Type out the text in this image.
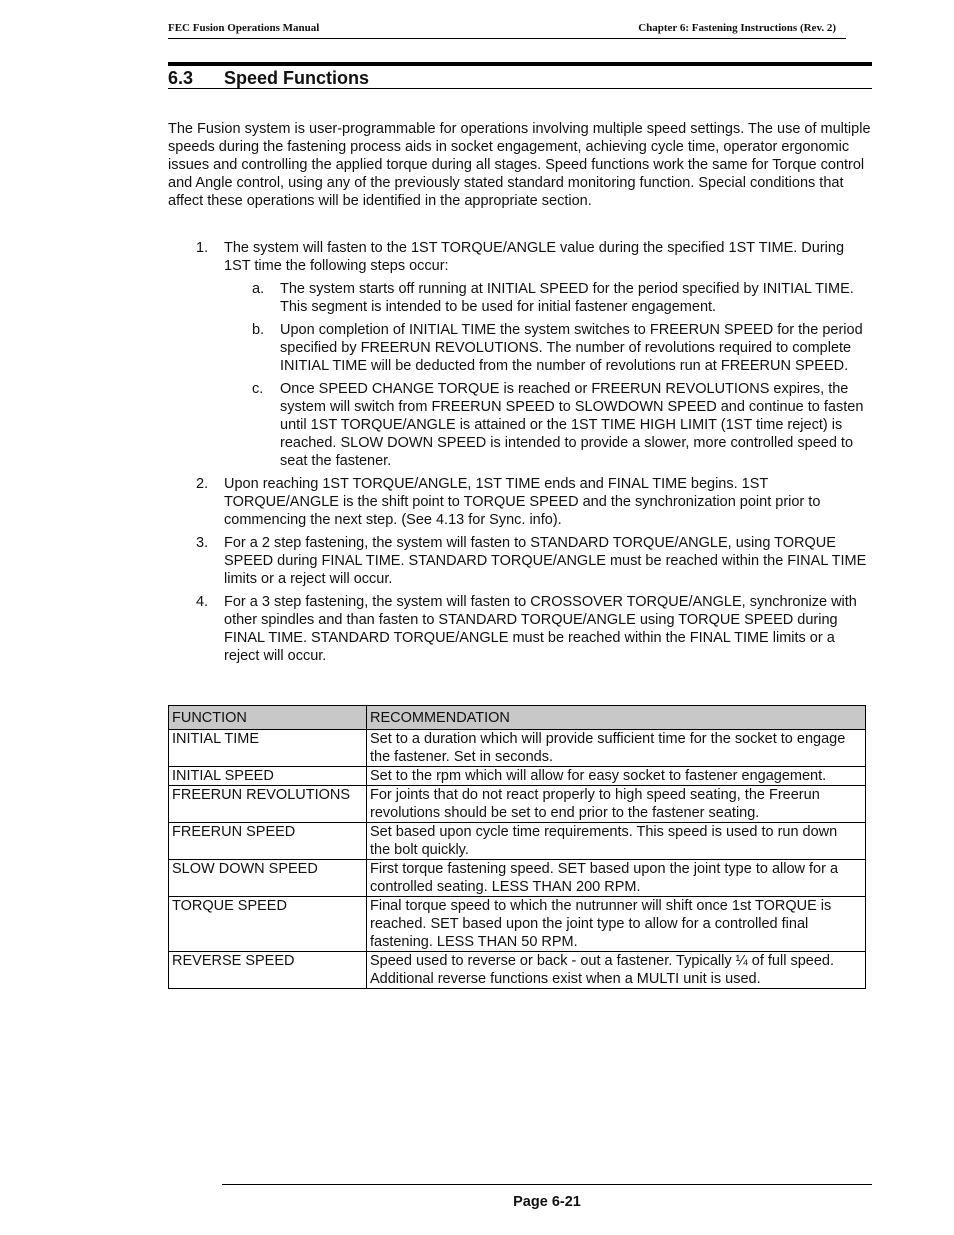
FEC Fusion Operations Manual	Chapter 6: Fastening Instructions (Rev. 2)
6.3 Speed Functions

The Fusion system is user-programmable for operations involving multiple speed settings. The use of multiple speeds during the fastening process aids in socket engagement, achieving cycle time, operator ergonomic issues and controlling the applied torque during all stages. Speed functions work the same for Torque control and Angle control, using any of the previously stated standard monitoring function. Special conditions that affect these operations will be identified in the appropriate section.

1. The system will fasten to the 1ST TORQUE/ANGLE value during the specified 1ST TIME. During 1ST time the following steps occur:
a. The system starts off running at INITIAL SPEED for the period specified by INITIAL TIME. This segment is intended to be used for initial fastener engagement.
b. Upon completion of INITIAL TIME the system switches to FREERUN SPEED for the period specified by FREERUN REVOLUTIONS. The number of revolutions required to complete INITIAL TIME will be deducted from the number of revolutions run at FREERUN SPEED.
c. Once SPEED CHANGE TORQUE is reached or FREERUN REVOLUTIONS expires, the system will switch from FREERUN SPEED to SLOWDOWN SPEED and continue to fasten until 1ST TORQUE/ANGLE is attained or the 1ST TIME HIGH LIMIT (1ST time reject) is reached. SLOW DOWN SPEED is intended to provide a slower, more controlled speed to seat the fastener.
2. Upon reaching 1ST TORQUE/ANGLE, 1ST TIME ends and FINAL TIME begins. 1ST TORQUE/ANGLE is the shift point to TORQUE SPEED and the synchronization point prior to commencing the next step. (See 4.13 for Sync. info).
3. For a 2 step fastening, the system will fasten to STANDARD TORQUE/ANGLE, using TORQUE SPEED during FINAL TIME. STANDARD TORQUE/ANGLE must be reached within the FINAL TIME limits or a reject will occur.
4. For a 3 step fastening, the system will fasten to CROSSOVER TORQUE/ANGLE, synchronize with other spindles and than fasten to STANDARD TORQUE/ANGLE using TORQUE SPEED during FINAL TIME. STANDARD TORQUE/ANGLE must be reached within the FINAL TIME limits or a reject will occur.
FUNCTION	RECOMMENDATION
INITIAL TIME	Set to a duration which will provide sufficient time for the socket to engage the fastener. Set in seconds.
INITIAL SPEED	Set to the rpm which will allow for easy socket to fastener engagement.
FREERUN REVOLUTIONS	For joints that do not react properly to high speed seating, the Freerun revolutions should be set to end prior to the fastener seating.
FREERUN SPEED	Set based upon cycle time requirements. This speed is used to run down the bolt quickly.
SLOW DOWN SPEED	First torque fastening speed. SET based upon the joint type to allow for a controlled seating. LESS THAN 200 RPM.
TORQUE SPEED	Final torque speed to which the nutrunner will shift once 1st TORQUE is reached. SET based upon the joint type to allow for a controlled final fastening. LESS THAN 50 RPM.
REVERSE SPEED	Speed used to reverse or back - out a fastener. Typically ¼ of full speed. Additional reverse functions exist when a MULTI unit is used.
Page 6-21
